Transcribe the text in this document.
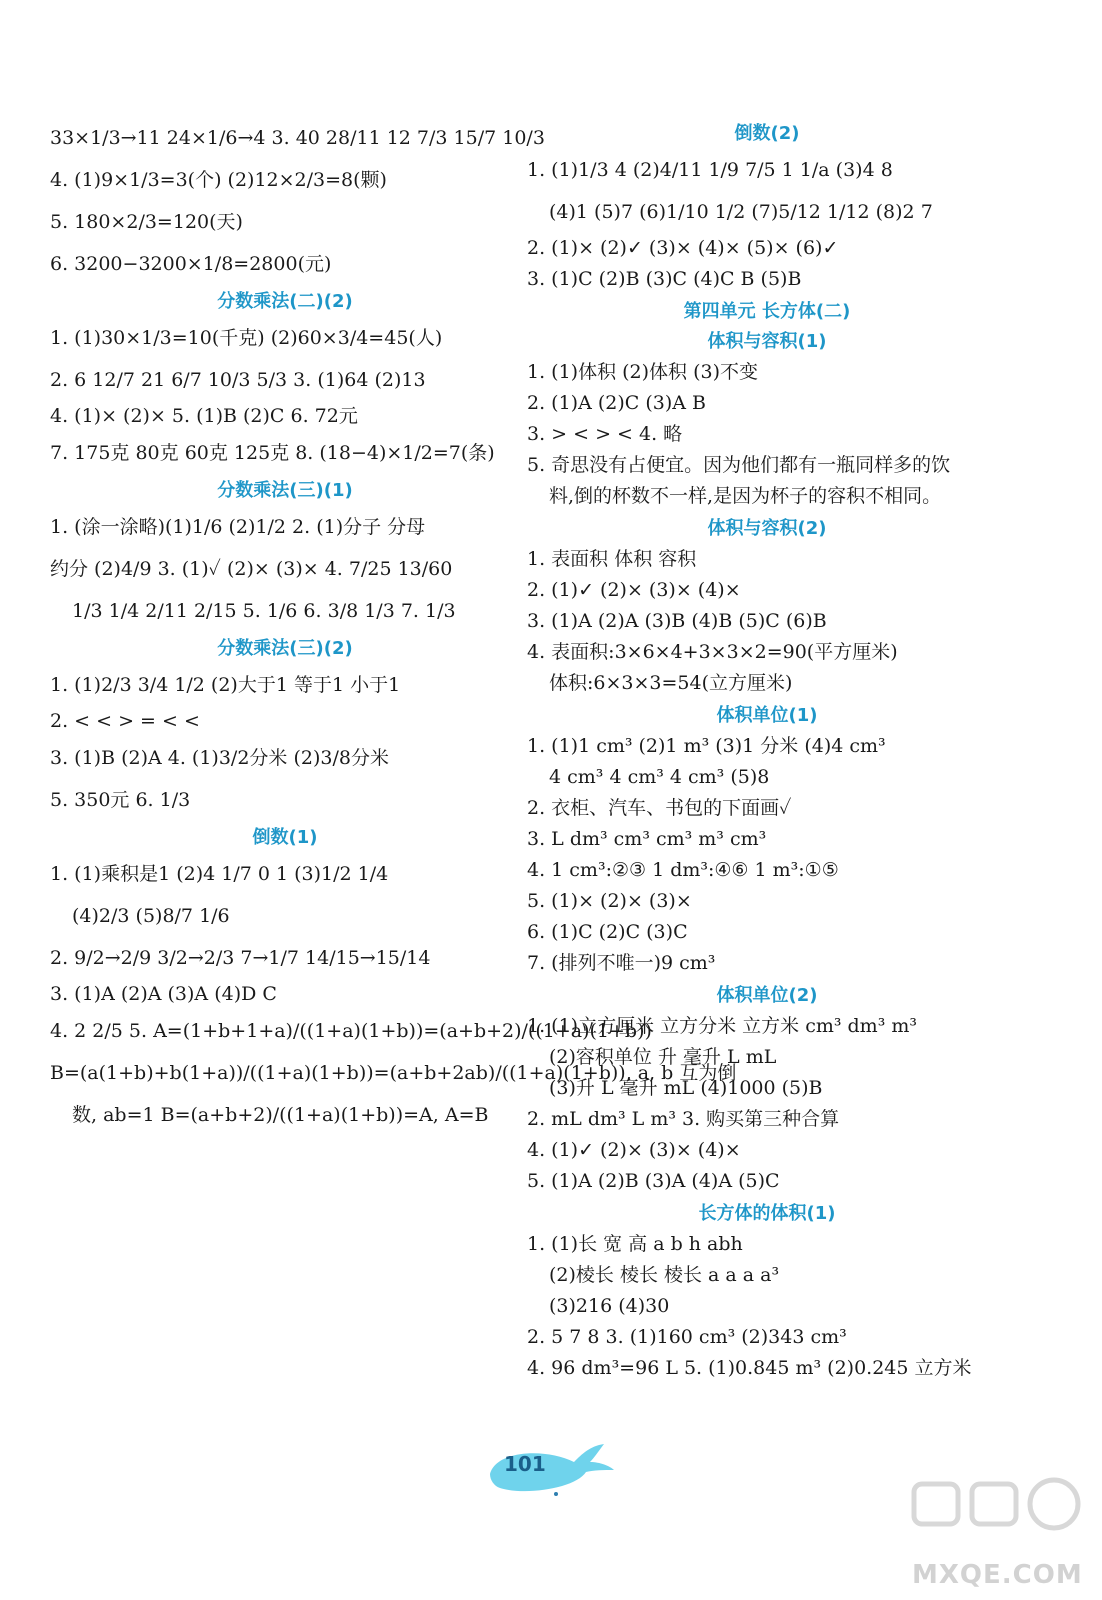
33×1/3→11 24×1/6→4 3. 40 28/11 12 7/3 15/7 10/3
4. (1)9×1/3=3(个) (2)12×2/3=8(颗)
5. 180×2/3=120(天)
6. 3200−3200×1/8=2800(元)
分数乘法(二)(2)
1. (1)30×1/3=10(千克) (2)60×3/4=45(人)
2. 6 12/7 21 6/7 10/3 5/3 3. (1)64 (2)13
4. (1)× (2)× 5. (1)B (2)C 6. 72元
7. 175克 80克 60克 125克 8. (18−4)×1/2=7(条)
分数乘法(三)(1)
1. (涂一涂略)(1)1/6 (2)1/2 2. (1)分子 分母
约分 (2)4/9 3. (1)✓ (2)× (3)× 4. 7/25 13/60
1/3 1/4 2/11 2/15 5. 1/6 6. 3/8 1/3 7. 1/3
分数乘法(三)(2)
1. (1)2/3 3/4 1/2 (2)大于1 等于1 小于1
2. < < > = < <
3. (1)B (2)A 4. (1)3/2分米 (2)3/8分米
5. 350元 6. 1/3
倒数(1)
1. (1)乘积是1 (2)4 1/7 0 1 (3)1/2 1/4
(4)2/3 (5)8/7 1/6
2. 9/2→2/9 3/2→2/3 7→1/7 14/15→15/14
3. (1)A (2)A (3)A (4)D C
4. 2 2/5 5. A=(1+b+1+a)/((1+a)(1+b))=(a+b+2)/((1+a)(1+b))
B=(a(1+b)+b(1+a))/((1+a)(1+b))=(a+b+2ab)/((1+a)(1+b)), a, b 互为倒
数, ab=1 B=(a+b+2)/((1+a)(1+b))=A, A=B
倒数(2)
1. (1)1/3 4 (2)4/11 1/9 7/5 1 1/a (3)4 8
(4)1 (5)7 (6)1/10 1/2 (7)5/12 1/12 (8)2 7
2. (1)× (2)✓ (3)× (4)× (5)× (6)✓
3. (1)C (2)B (3)C (4)C B (5)B
第四单元 长方体(二)
体积与容积(1)
1. (1)体积 (2)体积 (3)不变
2. (1)A (2)C (3)A B
3. > < > < 4. 略
5. 奇思没有占便宜。因为他们都有一瓶同样多的饮
料,倒的杯数不一样,是因为杯子的容积不相同。
体积与容积(2)
1. 表面积 体积 容积
2. (1)✓ (2)× (3)× (4)×
3. (1)A (2)A (3)B (4)B (5)C (6)B
4. 表面积:3×6×4+3×3×2=90(平方厘米)
体积:6×3×3=54(立方厘米)
体积单位(1)
1. (1)1 cm³ (2)1 m³ (3)1 分米 (4)4 cm³
4 cm³ 4 cm³ 4 cm³ (5)8
2. 衣柜、汽车、书包的下面画✓
3. L dm³ cm³ cm³ m³ cm³
4. 1 cm³:②③ 1 dm³:④⑥ 1 m³:①⑤
5. (1)× (2)× (3)×
6. (1)C (2)C (3)C
7. (排列不唯一)9 cm³
体积单位(2)
1. (1)立方厘米 立方分米 立方米 cm³ dm³ m³
(2)容积单位 升 毫升 L mL
(3)升 L 毫升 mL (4)1000 (5)B
2. mL dm³ L m³ 3. 购买第三种合算
4. (1)✓ (2)× (3)× (4)×
5. (1)A (2)B (3)A (4)A (5)C
长方体的体积(1)
1. (1)长 宽 高 a b h abh
(2)棱长 棱长 棱长 a a a a³
(3)216 (4)30
2. 5 7 8 3. (1)160 cm³ (2)343 cm³
4. 96 dm³=96 L 5. (1)0.845 m³ (2)0.245 立方米
101
MXQE.COM
